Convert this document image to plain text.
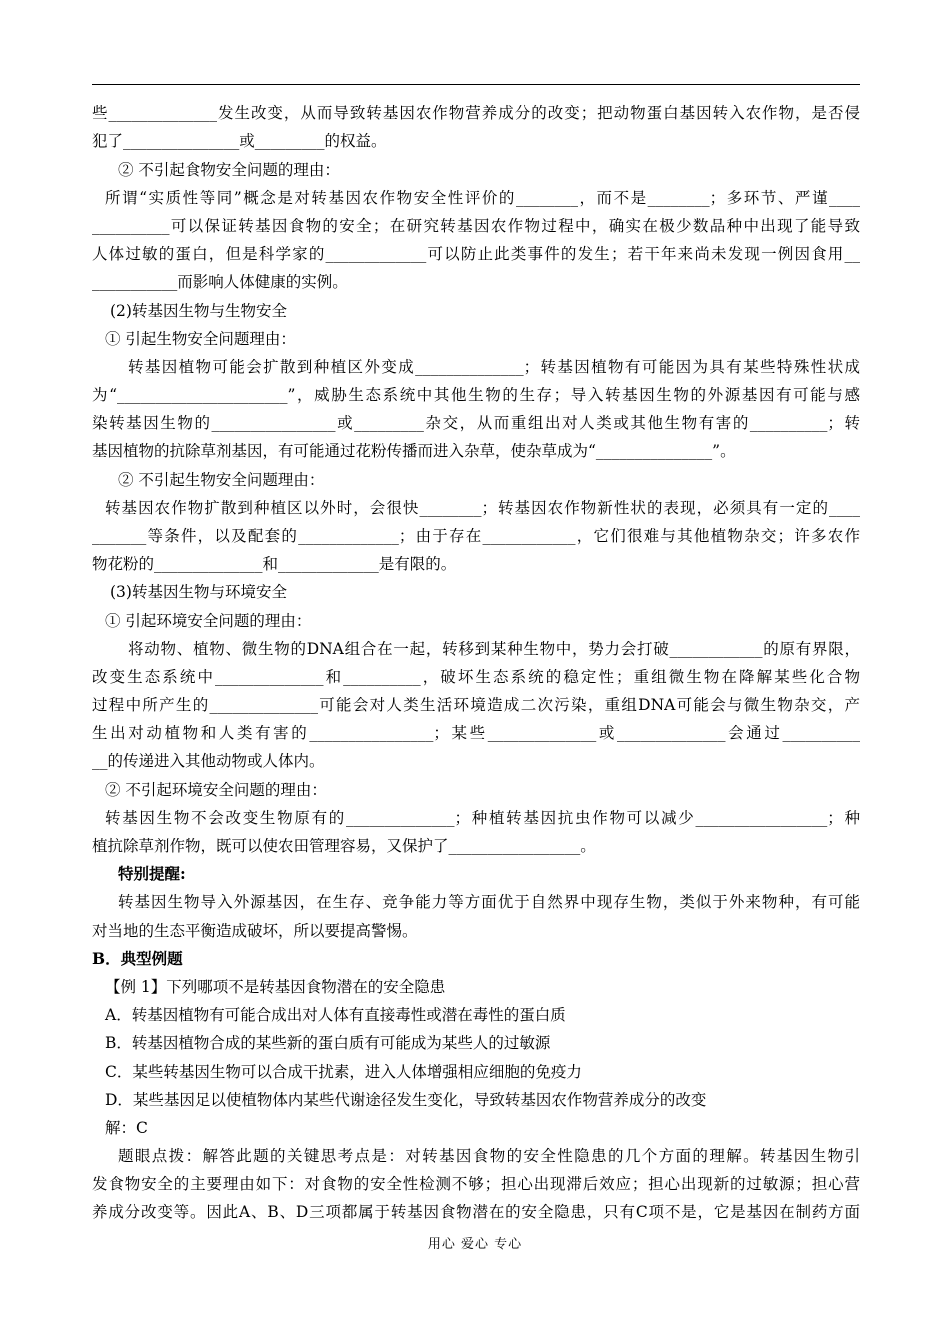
些______________发生改变，从而导致转基因农作物营养成分的改变；把动物蛋白基因转入农作物，是否侵
犯了_______________或_________的权益。
② 不引起食物安全问题的理由：
所谓“实质性等同”概念是对转基因农作物安全性评价的________，而不是________；多环节、严谨____
__________可以保证转基因食物的安全；在研究转基因农作物过程中，确实在极少数品种中出现了能导致
人体过敏的蛋白，但是科学家的_____________可以防止此类事件的发生；若干年来尚未发现一例因食用__
___________而影响人体健康的实例。
(2)转基因生物与生物安全
① 引起生物安全问题理由：
转基因植物可能会扩散到种植区外变成______________；转基因植物有可能因为具有某些特殊性状成
为“______________________”，威胁生态系统中其他生物的生存；导入转基因生物的外源基因有可能与感
染转基因生物的________________或_________杂交，从而重组出对人类或其他生物有害的__________；转
基因植物的抗除草剂基因，有可能通过花粉传播而进入杂草，使杂草成为“_______________”。
② 不引起生物安全问题理由：
转基因农作物扩散到种植区以外时，会很快________；转基因农作物新性状的表现，必须具有一定的____
_______等条件，以及配套的_____________；由于存在____________，它们很难与其他植物杂交；许多农作
物花粉的______________和_____________是有限的。
(3)转基因生物与环境安全
① 引起环境安全问题的理由：
将动物、植物、微生物的DNA组合在一起，转移到某种生物中，势力会打破____________的原有界限，
改变生态系统中______________和__________，破坏生态系统的稳定性；重组微生物在降解某些化合物
过程中所产生的______________可能会对人类生活环境造成二次污染，重组DNA可能会与微生物杂交，产
生出对动植物和人类有害的________________；某些______________或______________会通过__________
__的传递进入其他动物或人体内。
② 不引起环境安全问题的理由：
转基因生物不会改变生物原有的______________；种植转基因抗虫作物可以减少_________________；种
植抗除草剂作物，既可以使农田管理容易，又保护了_________________。
特别提醒:
转基因生物导入外源基因，在生存、竞争能力等方面优于自然界中现存生物，类似于外来物种，有可能
对当地的生态平衡造成破坏，所以要提高警惕。
B．典型例题
【例 1】下列哪项不是转基因食物潜在的安全隐患
A．转基因植物有可能合成出对人体有直接毒性或潜在毒性的蛋白质
B．转基因植物合成的某些新的蛋白质有可能成为某些人的过敏源
C．某些转基因生物可以合成干扰素，进入人体增强相应细胞的免疫力
D．某些基因足以使植物体内某些代谢途径发生变化，导致转基因农作物营养成分的改变
解：C
题眼点拨：解答此题的关键思考点是：对转基因食物的安全性隐患的几个方面的理解。转基因生物引
发食物安全的主要理由如下：对食物的安全性检测不够；担心出现滞后效应；担心出现新的过敏源；担心营
养成分改变等。因此A、B、D三项都属于转基因食物潜在的安全隐患，只有C项不是，它是基因在制药方面
用心 爱心 专心
